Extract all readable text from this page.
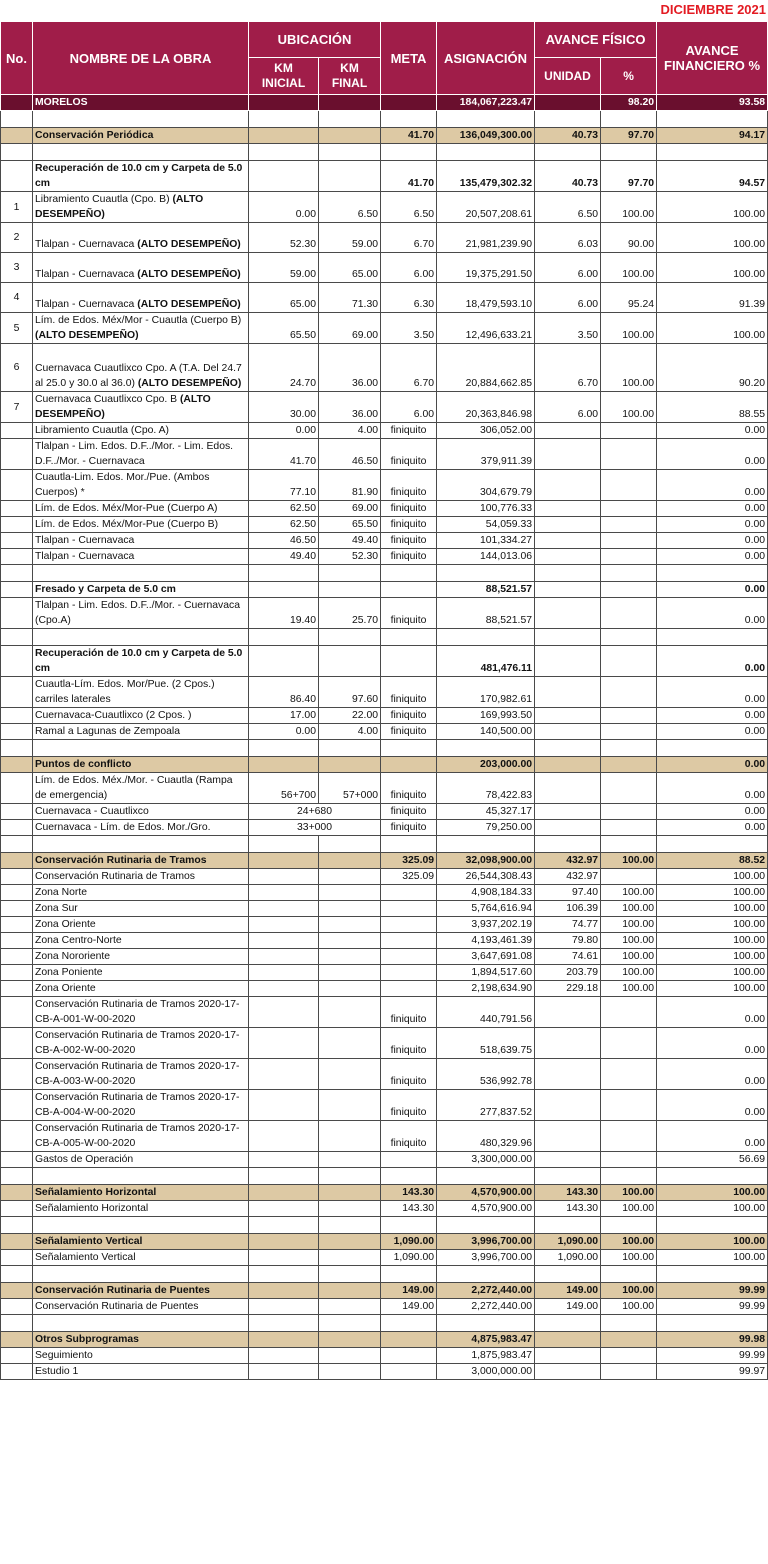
DICIEMBRE 2021
No.	NOMBRE DE LA OBRA	UBICACIÓN		META	ASIGNACIÓN	AVANCE FÍSICO		AVANCE FINANCIERO %
		KM INICIAL	KM FINAL			UNIDAD	%	
	MORELOS				184,067,223.47		98.20	93.58

	Conservación Periódica			41.70	136,049,300.00	40.73	97.70	94.17

	Recuperación de 10.0 cm y Carpeta de 5.0 cm			41.70	135,479,302.32	40.73	97.70	94.57
1	Libramiento Cuautla (Cpo. B) (ALTO DESEMPEÑO)	0.00	6.50	6.50	20,507,208.61	6.50	100.00	100.00
2	Tlalpan - Cuernavaca (ALTO DESEMPEÑO)	52.30	59.00	6.70	21,981,239.90	6.03	90.00	100.00
3	Tlalpan - Cuernavaca (ALTO DESEMPEÑO)	59.00	65.00	6.00	19,375,291.50	6.00	100.00	100.00
4	Tlalpan - Cuernavaca (ALTO DESEMPEÑO)	65.00	71.30	6.30	18,479,593.10	6.00	95.24	91.39
5	Lím. de Edos. Méx/Mor - Cuautla (Cuerpo B) (ALTO DESEMPEÑO)	65.50	69.00	3.50	12,496,633.21	3.50	100.00	100.00
6	Cuernavaca Cuautlixco Cpo. A (T.A. Del 24.7 al 25.0 y 30.0 al 36.0) (ALTO DESEMPEÑO)	24.70	36.00	6.70	20,884,662.85	6.70	100.00	90.20
7	Cuernavaca Cuautlixco Cpo. B (ALTO DESEMPEÑO)	30.00	36.00	6.00	20,363,846.98	6.00	100.00	88.55
	Libramiento Cuautla (Cpo. A)	0.00	4.00	finiquito	306,052.00			0.00
	Tlalpan - Lim. Edos. D.F../Mor. - Lim. Edos. D.F../Mor. - Cuernavaca	41.70	46.50	finiquito	379,911.39			0.00
	Cuautla-Lim. Edos. Mor./Pue. (Ambos Cuerpos) *	77.10	81.90	finiquito	304,679.79			0.00
	Lím. de Edos. Méx/Mor-Pue (Cuerpo A)	62.50	69.00	finiquito	100,776.33			0.00
	Lím. de Edos. Méx/Mor-Pue (Cuerpo B)	62.50	65.50	finiquito	54,059.33			0.00
	Tlalpan - Cuernavaca	46.50	49.40	finiquito	101,334.27			0.00
	Tlalpan - Cuernavaca	49.40	52.30	finiquito	144,013.06			0.00

	Fresado y Carpeta de 5.0 cm				88,521.57			0.00
	Tlalpan - Lim. Edos. D.F../Mor. - Cuernavaca (Cpo.A)	19.40	25.70	finiquito	88,521.57			0.00

	Recuperación de 10.0 cm y Carpeta de 5.0 cm				481,476.11			0.00
	Cuautla-Lím. Edos. Mor/Pue. (2 Cpos.) carriles laterales	86.40	97.60	finiquito	170,982.61			0.00
	Cuernavaca-Cuautlixco (2 Cpos. )	17.00	22.00	finiquito	169,993.50			0.00
	Ramal a Lagunas de Zempoala	0.00	4.00	finiquito	140,500.00			0.00

	Puntos de conflicto				203,000.00			0.00
	Lím. de Edos. Méx./Mor. - Cuautla (Rampa de emergencia)	56+700	57+000	finiquito	78,422.83			0.00
	Cuernavaca - Cuautlixco	24+680		finiquito	45,327.17			0.00
	Cuernavaca - Lím. de Edos. Mor./Gro.	33+000		finiquito	79,250.00			0.00

	Conservación Rutinaria de Tramos			325.09	32,098,900.00	432.97	100.00	88.52
	Conservación Rutinaria de Tramos			325.09	26,544,308.43	432.97		100.00
	Zona Norte				4,908,184.33	97.40	100.00	100.00
	Zona Sur				5,764,616.94	106.39	100.00	100.00
	Zona Oriente				3,937,202.19	74.77	100.00	100.00
	Zona Centro-Norte				4,193,461.39	79.80	100.00	100.00
	Zona Nororiente				3,647,691.08	74.61	100.00	100.00
	Zona Poniente				1,894,517.60	203.79	100.00	100.00
	Zona Oriente				2,198,634.90	229.18	100.00	100.00
	Conservación Rutinaria de Tramos 2020-17-CB-A-001-W-00-2020			finiquito	440,791.56			0.00
	Conservación Rutinaria de Tramos 2020-17-CB-A-002-W-00-2020			finiquito	518,639.75			0.00
	Conservación Rutinaria de Tramos 2020-17-CB-A-003-W-00-2020			finiquito	536,992.78			0.00
	Conservación Rutinaria de Tramos 2020-17-CB-A-004-W-00-2020			finiquito	277,837.52			0.00
	Conservación Rutinaria de Tramos 2020-17-CB-A-005-W-00-2020			finiquito	480,329.96			0.00
	Gastos de Operación				3,300,000.00			56.69

	Señalamiento Horizontal			143.30	4,570,900.00	143.30	100.00	100.00
	Señalamiento Horizontal			143.30	4,570,900.00	143.30	100.00	100.00

	Señalamiento Vertical			1,090.00	3,996,700.00	1,090.00	100.00	100.00
	Señalamiento Vertical			1,090.00	3,996,700.00	1,090.00	100.00	100.00

	Conservación Rutinaria de Puentes			149.00	2,272,440.00	149.00	100.00	99.99
	Conservación Rutinaria de Puentes			149.00	2,272,440.00	149.00	100.00	99.99

	Otros Subprogramas				4,875,983.47			99.98
	Seguimiento				1,875,983.47			99.99
	Estudio 1				3,000,000.00			99.97
